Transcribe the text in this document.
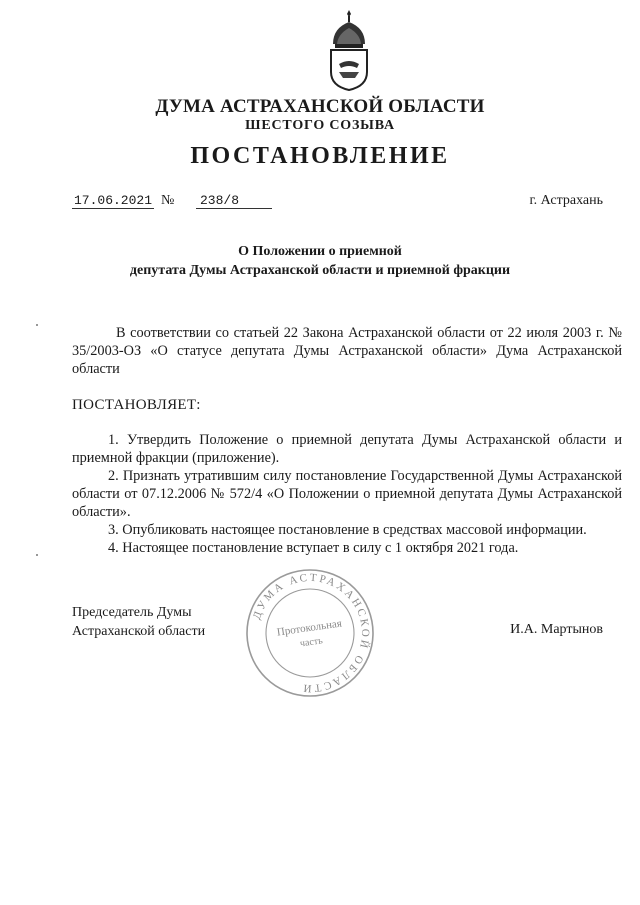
ДУМА АСТРАХАНСКОЙ ОБЛАСТИ
ШЕСТОГО СОЗЫВА
ПОСТАНОВЛЕНИЕ
17.06.2021 №	238/8	г. Астрахань
О Положении о приемной
депутата Думы Астраханской области и приемной фракции
В соответствии со статьей 22 Закона Астраханской области от 22 июля 2003 г. № 35/2003-ОЗ «О статусе депутата Думы Астраханской области» Дума Астраханской области
ПОСТАНОВЛЯЕТ:

1. Утвердить Положение о приемной депутата Думы Астраханской области и приемной фракции (приложение).

2. Признать утратившим силу постановление Государственной Думы Астраханской области от 07.12.2006 № 572/4 «О Положении о приемной депутата Думы Астраханской области».

3. Опубликовать настоящее постановление в средствах массовой информации.

4. Настоящее постановление вступает в силу с 1 октября 2021 года.

Председатель Думы
Астраханской области	И.А. Мартынов
ДУМА АСТРАХАНСКОЙ ОБЛАСТИ
Протокольная
часть
